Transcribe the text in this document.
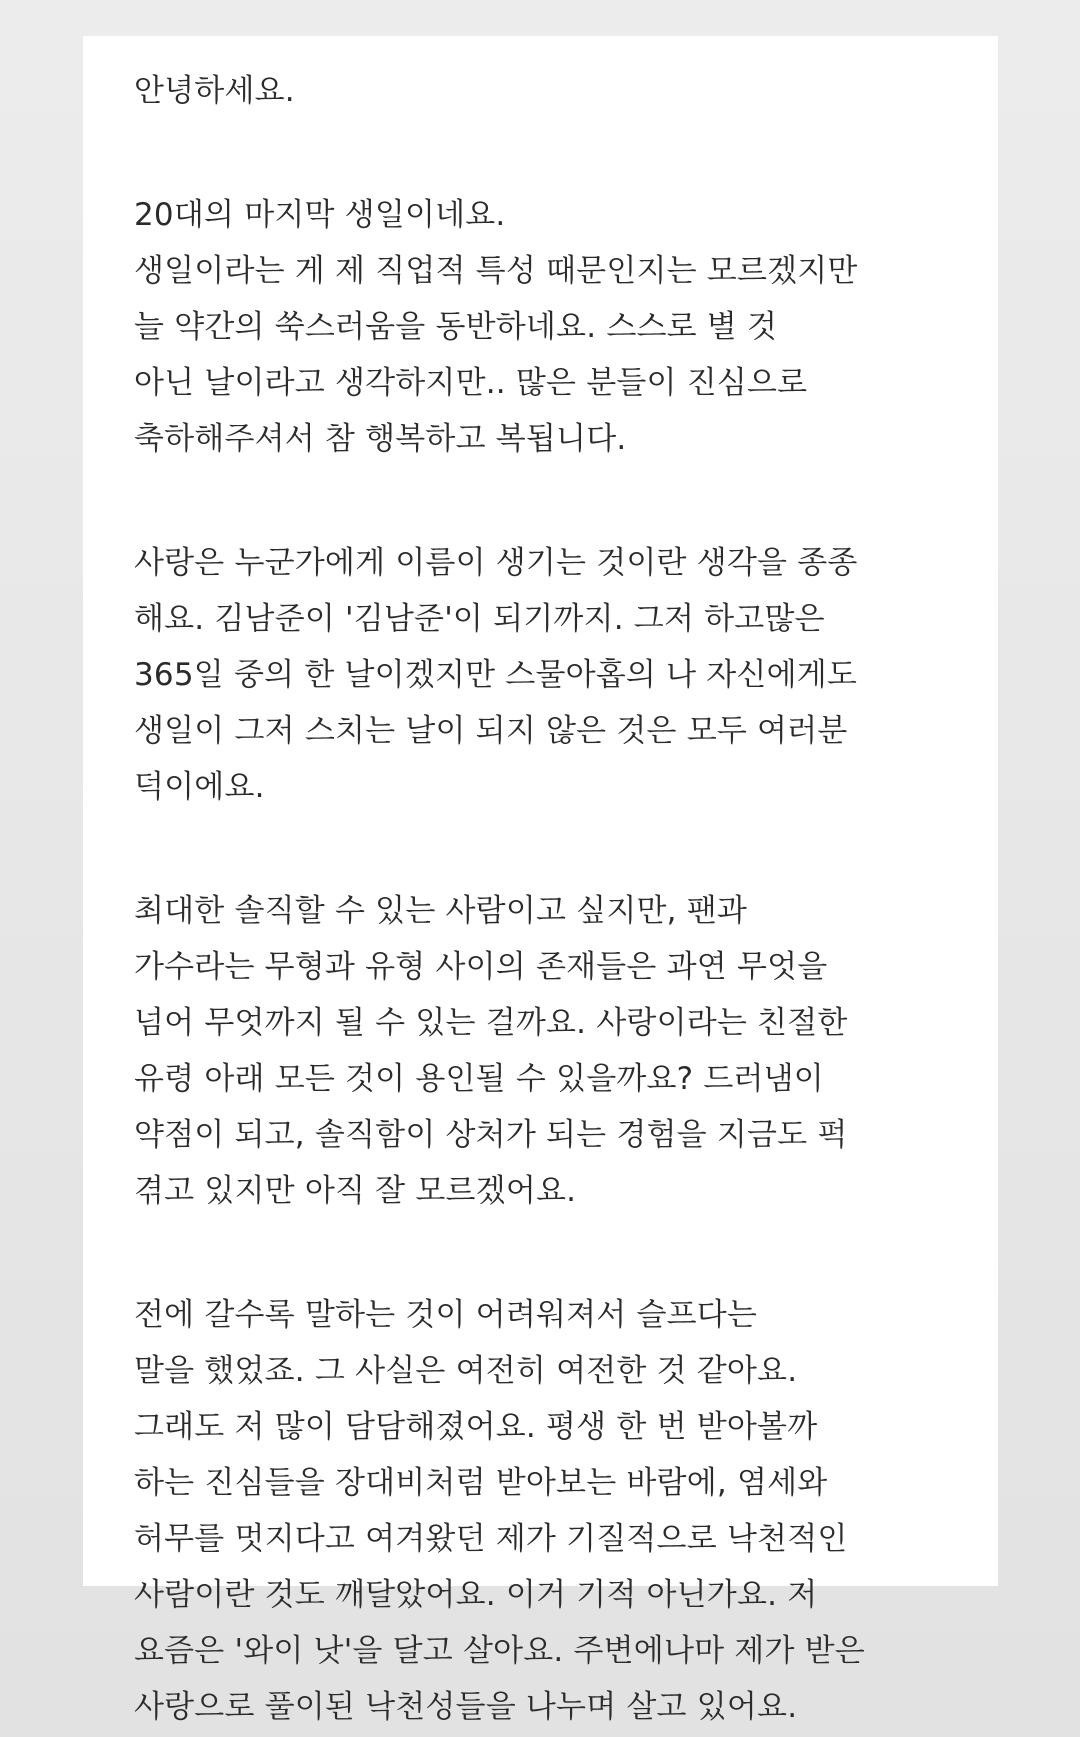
안녕하세요.
20대의 마지막 생일이네요.
생일이라는 게 제 직업적 특성 때문인지는 모르겠지만
늘 약간의 쑥스러움을 동반하네요. 스스로 별 것
아닌 날이라고 생각하지만.. 많은 분들이 진심으로
축하해주셔서 참 행복하고 복됩니다.
사랑은 누군가에게 이름이 생기는 것이란 생각을 종종
해요. 김남준이 '김남준'이 되기까지. 그저 하고많은
365일 중의 한 날이겠지만 스물아홉의 나 자신에게도
생일이 그저 스치는 날이 되지 않은 것은 모두 여러분
덕이에요.
최대한 솔직할 수 있는 사람이고 싶지만, 팬과
가수라는 무형과 유형 사이의 존재들은 과연 무엇을
넘어 무엇까지 될 수 있는 걸까요. 사랑이라는 친절한
유령 아래 모든 것이 용인될 수 있을까요? 드러냄이
약점이 되고, 솔직함이 상처가 되는 경험을 지금도 퍽
겪고 있지만 아직 잘 모르겠어요.
전에 갈수록 말하는 것이 어려워져서 슬프다는
말을 했었죠. 그 사실은 여전히 여전한 것 같아요.
그래도 저 많이 담담해졌어요. 평생 한 번 받아볼까
하는 진심들을 장대비처럼 받아보는 바람에, 염세와
허무를 멋지다고 여겨왔던 제가 기질적으로 낙천적인
사람이란 것도 깨달았어요. 이거 기적 아닌가요. 저
요즘은 '와이 낫'을 달고 살아요. 주변에나마 제가 받은
사랑으로 풀이된 낙천성들을 나누며 살고 있어요.
